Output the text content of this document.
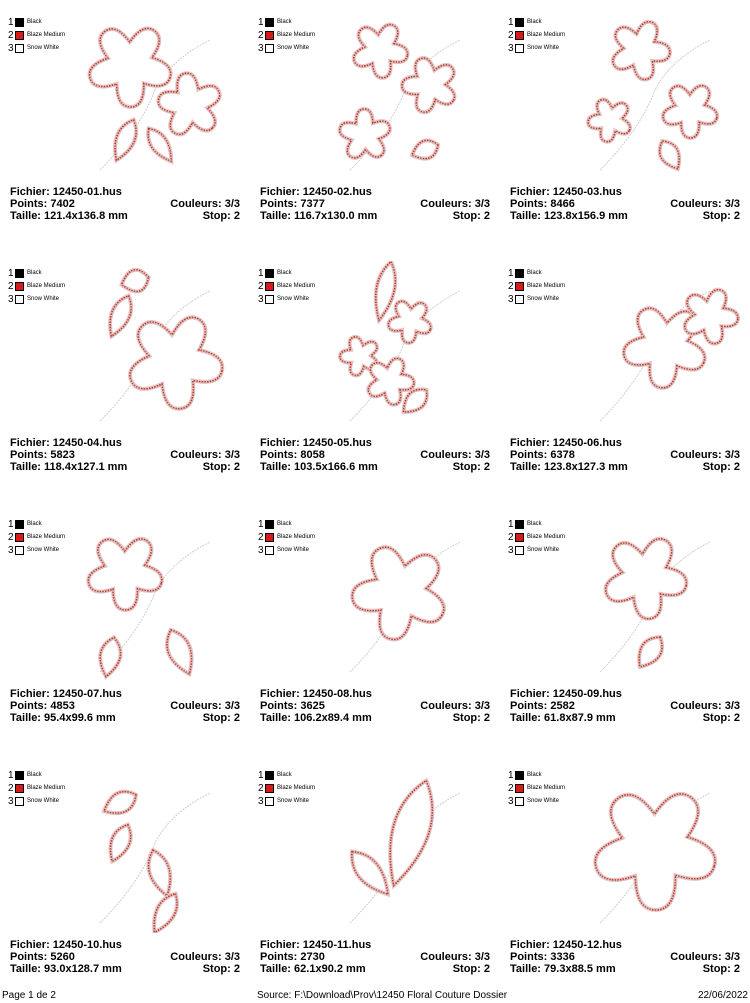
1 Black
2 Blaze Medium
3 Snow White
Fichier: 12450-01.hus
Points: 7402	Couleurs: 3/3
Taille: 121.4x136.8 mm	Stop: 2
1 Black
2 Blaze Medium
3 Snow White
Fichier: 12450-02.hus
Points: 7377	Couleurs: 3/3
Taille: 116.7x130.0 mm	Stop: 2
1 Black
2 Blaze Medium
3 Snow White
Fichier: 12450-03.hus
Points: 8466	Couleurs: 3/3
Taille: 123.8x156.9 mm	Stop: 2
1 Black
2 Blaze Medium
3 Snow White
Fichier: 12450-04.hus
Points: 5823	Couleurs: 3/3
Taille: 118.4x127.1 mm	Stop: 2
1 Black
2 Blaze Medium
3 Snow White
Fichier: 12450-05.hus
Points: 8058	Couleurs: 3/3
Taille: 103.5x166.6 mm	Stop: 2
1 Black
2 Blaze Medium
3 Snow White
Fichier: 12450-06.hus
Points: 6378	Couleurs: 3/3
Taille: 123.8x127.3 mm	Stop: 2
1 Black
2 Blaze Medium
3 Snow White
Fichier: 12450-07.hus
Points: 4853	Couleurs: 3/3
Taille: 95.4x99.6 mm	Stop: 2
1 Black
2 Blaze Medium
3 Snow White
Fichier: 12450-08.hus
Points: 3625	Couleurs: 3/3
Taille: 106.2x89.4 mm	Stop: 2
1 Black
2 Blaze Medium
3 Snow White
Fichier: 12450-09.hus
Points: 2582	Couleurs: 3/3
Taille: 61.8x87.9 mm	Stop: 2
1 Black
2 Blaze Medium
3 Snow White
Fichier: 12450-10.hus
Points: 5260	Couleurs: 3/3
Taille: 93.0x128.7 mm	Stop: 2
1 Black
2 Blaze Medium
3 Snow White
Fichier: 12450-11.hus
Points: 2730	Couleurs: 3/3
Taille: 62.1x90.2 mm	Stop: 2
1 Black
2 Blaze Medium
3 Snow White
Fichier: 12450-12.hus
Points: 3336	Couleurs: 3/3
Taille: 79.3x88.5 mm	Stop: 2
Page 1 de 2	Source: F:\Download\Prov\12450 Floral Couture Dossier	22/06/2022
